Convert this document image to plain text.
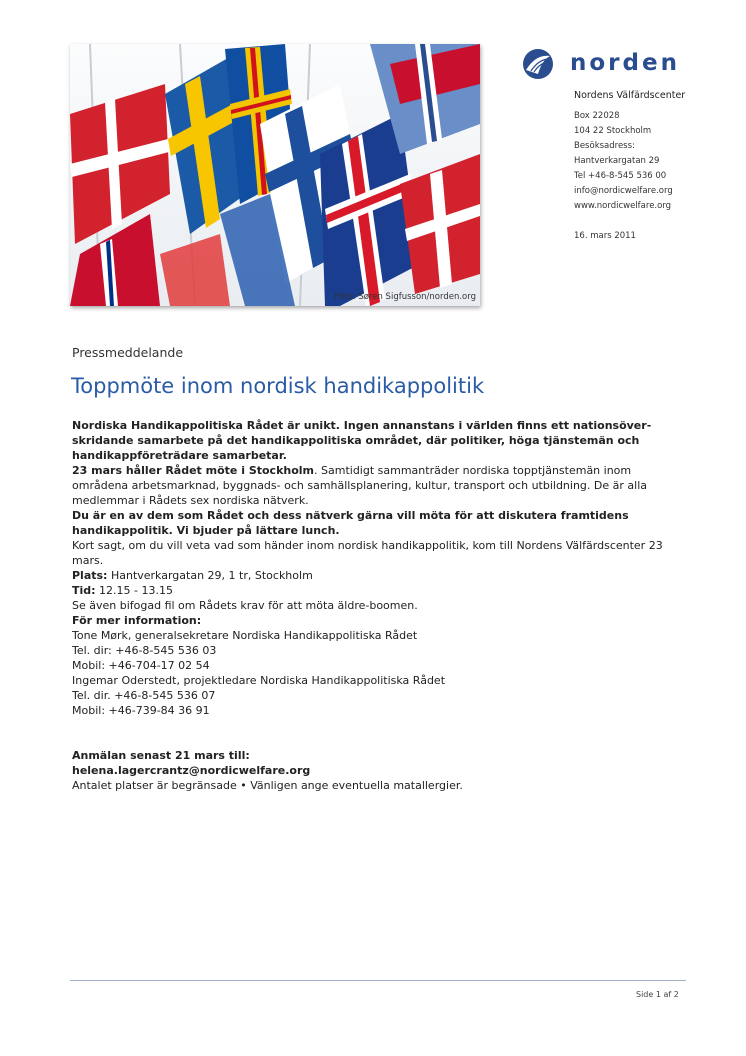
Foto: Søren Sigfusson/norden.org
norden
Nordens Välfärdscenter
Box 22028
104 22 Stockholm
Besöksadress:
Hantverkargatan 29
Tel +46-8-545 536 00
info@nordicwelfare.org
www.nordicwelfare.org
16. mars 2011
Pressmeddelande
Toppmöte inom nordisk handikappolitik

Nordiska Handikappolitiska Rådet är unikt. Ingen annanstans i världen finns ett nationsöver-skridande samarbete på det handikappolitiska området, där politiker, höga tjänstemän och handikappföreträdare samarbetar.

23 mars håller Rådet möte i Stockholm. Samtidigt sammanträder nordiska topptjänstemän inom områdena arbetsmarknad, byggnads- och samhällsplanering, kultur, transport och utbildning. De är alla medlemmar i Rådets sex nordiska nätverk.

Du är en av dem som Rådet och dess nätverk gärna vill möta för att diskutera framtidens handikappolitik. Vi bjuder på lättare lunch.

Kort sagt, om du vill veta vad som händer inom nordisk handikappolitik, kom till Nordens Välfärdscenter 23 mars.

Plats: Hantverkargatan 29, 1 tr, Stockholm

Tid: 12.15 - 13.15

Se även bifogad fil om Rådets krav för att möta äldre-boomen.

För mer information:

Tone Mørk, generalsekretare Nordiska Handikappolitiska Rådet

Tel. dir: +46-8-545 536 03

Mobil: +46-704-17 02 54

Ingemar Oderstedt, projektledare Nordiska Handikappolitiska Rådet

Tel. dir. +46-8-545 536 07

Mobil: +46-739-84 36 91

Anmälan senast 21 mars till:

helena.lagercrantz@nordicwelfare.org

Antalet platser är begränsade • Vänligen ange eventuella matallergier.

Side 1 af 2
